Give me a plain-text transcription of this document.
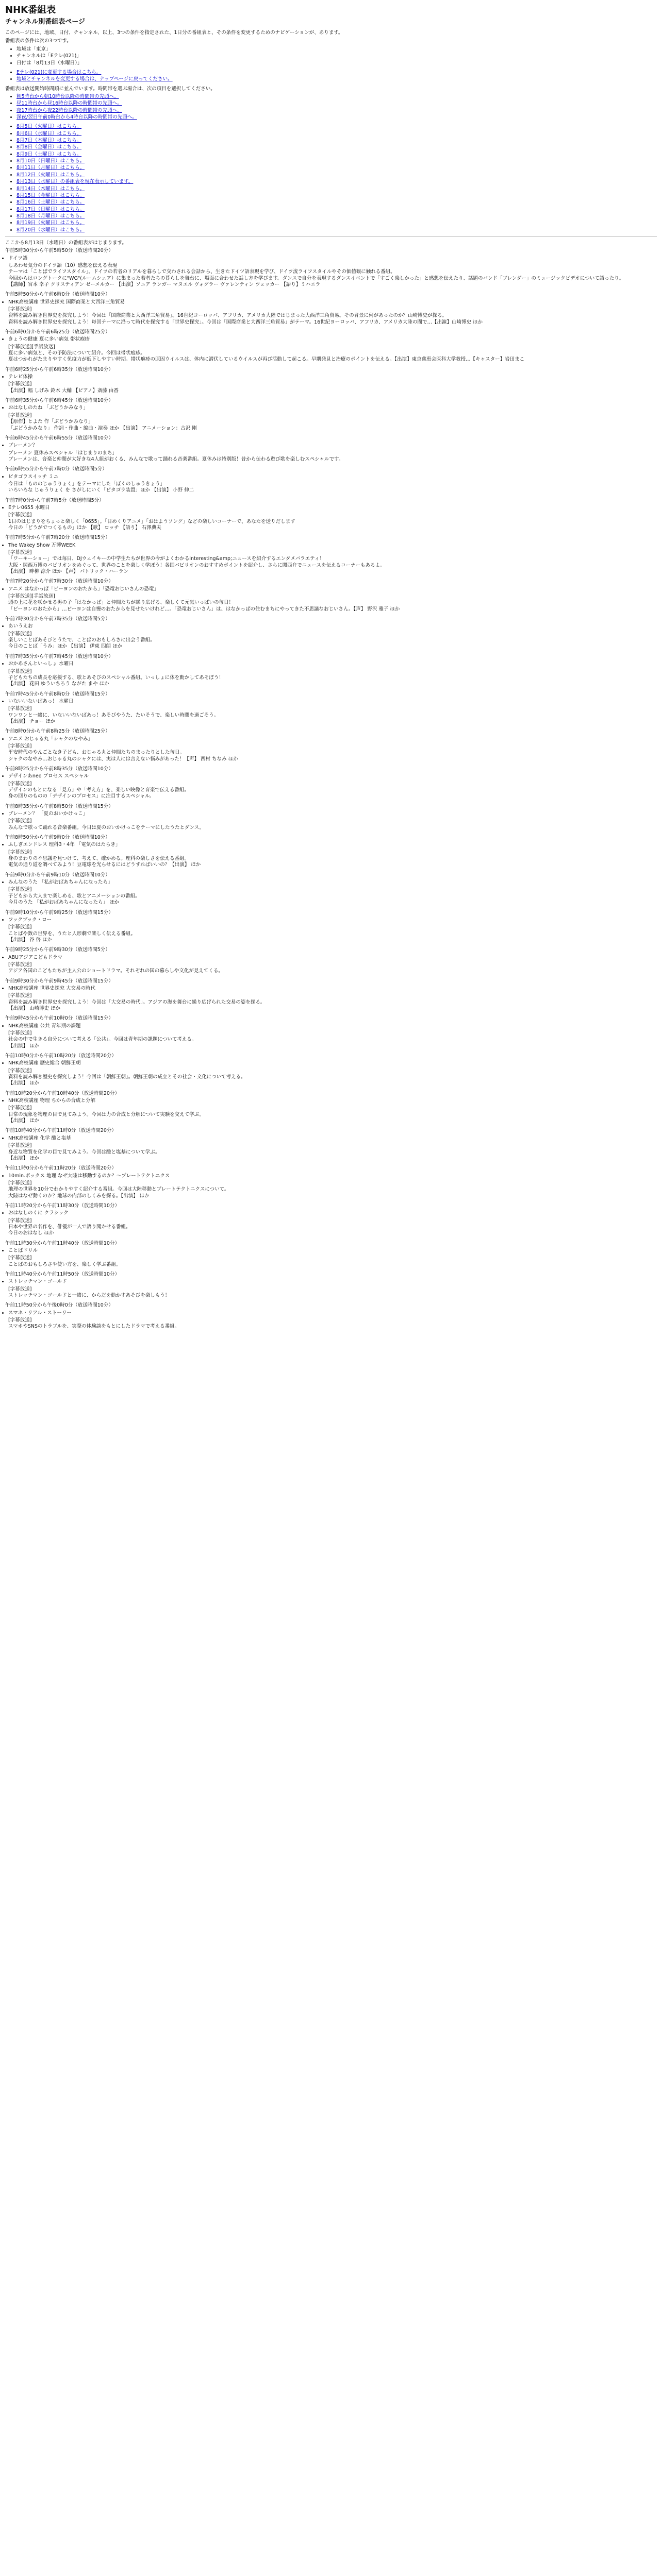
NHK番組表
チャンネル別番組表ページ

このページには、地域、日付、チャンネル、以上、3つの条件を指定された、1日分の番組表と、その条件を変更するためのナビゲーションが、あります。

番組表の条件は次の3つです。

• 地域は「東京」
• チャンネルは「Eテレ(021)」
• 日付は「8月13日（水曜日）」
• Eテレ(021)に変更する場合はこちら。
• 地域とチャンネルを変更する場合は、ナップページに戻ってください。

番組表は放送開始時間順に並んでいます。時間帯を選ぶ場合は、次の項目を選択してください。

• 朝5時台から朝10時台以降の時間帯の先頭へ。
• 昼11時台から昼16時台以降の時間帯の先頭へ。
• 夜17時台から夜22時台以降の時間帯の先頭へ。
• 深夜/翌日午前0時台から4時台以降の時間帯の先頭へ。
• 8月5日（火曜日）はこちら。
• 8月6日（水曜日）はこちら。
• 8月7日（木曜日）はこちら。
• 8月8日（金曜日）はこちら。
• 8月9日（土曜日）はこちら。
• 8月10日（日曜日）はこちら。
• 8月11日（月曜日）はこちら。
• 8月12日（火曜日）はこちら。
• 8月13日（水曜日）の番組表を現在表示しています。
• 8月14日（木曜日）はこちら。
• 8月15日（金曜日）はこちら。
• 8月16日（土曜日）はこちら。
• 8月17日（日曜日）はこちら。
• 8月18日（月曜日）はこちら。
• 8月19日（火曜日）はこちら。
• 8月20日（水曜日）はこちら。

ここから8月13日（水曜日）の番組表がはじまります。

午前5時30分から午前5時50分（放送時間20分）
• ドイツ語
しあわせ気分のドイツ語（10）感想を伝える表現
テーマは「ことばでライフスタイル」。ドイツの若者のリアルを暮らしで交わされる会話から、生きたドイツ語表現を学び、ドイツ流ライフスタイルやその価値観に触れる番組。
今回からはロングトークに"WG"(ルームシェア）に集まった若者たちの暮らしを舞台に、場面に合わせた話し方を学びます。ダンスで自分を表現するダンスイベントで「すごく楽しかった」と感想を伝えたり、話題のバンド「ブレンダー」のミュージックビデオについて語ったり。
【講師】宮本 幸子 クリスティアン ゼーメルカー 【出演】ソニア ランガー マヌエル ヴォグラー ヴァレンティン ツェッカー 【語り】ミハエラ
午前5時50分から午前6時0分（放送時間10分）
• NHK高校講座 世界史探究 国際商業と大西洋三角貿易
[字幕放送]
資料を読み解き世界史を探究しよう！今回は「国際商業と大西洋三角貿易」。16世紀ヨーロッパ、アフリカ、アメリカ大陸ではじまった大西洋三角貿易。その背景に何があったのか？山崎博史が探る。
資料を読み解き世界史を探究しよう！毎回テーマに沿って時代を探究する「世界史探究」。今回は「国際商業と大西洋三角貿易」がテーマ。16世紀ヨーロッパ、アフリカ、アメリカ大陸の間で…【出演】山崎博史 ほか
午前6時0分から午前6時25分（放送時間25分）
• きょうの健康 夏に多い病気 帯状疱疹
[字幕放送][手話放送]
夏に多い病気と、その予防法について紹介。今回は帯状疱疹。
夏はつかれがたまりやすく免疫力が低下しやすい時期。帯状疱疹の原因ウイルスは、体内に潜伏しているウイルスが再び活動して起こる。早期発見と治療のポイントを伝える。【出演】東京慈恵会医科大学教授…【キャスター】岩田まこ
午前6時25分から午前6時35分（放送時間10分）
• テレビ体操
[字幕放送]
【出演】幅 しげみ 鈴木 大輔 【ピアノ】斎藤 由香
午前6時35分から午前6時45分（放送時間10分）
• おはなしのたね 「ぶどうかみなり」
[字幕放送]
【原作】とよた 作「ぶどうかみなり」
「ぶどうかみなり」 作詞・作曲・編曲・演奏 ほか 【出演】 アニメーション：古沢 剛
午前6時45分から午前6時55分（放送時間10分）
• ブレーメン？
ブレーメン 夏休みスペシャル「はじまりのまち」
ブレーメンは、音楽と仲間が大好きな4人組がおくる、みんなで歌って踊れる音楽番組。夏休みは特別版！昔から伝わる遊び歌を楽しむスペシャルです。
午前6時55分から午前7時0分（放送時間5分）
• ピタゴラスイッチ ミニ
今日は「もののじゅうりょく」をテーマにした「ぼくのしゅうきょう」
いろいろな じゅうりょく を さがしにいく「ピタゴラ装置」ほか 【出演】 小野 伸二
午前7時0分から午前7時5分（放送時間5分）
• Eテレ0655 水曜日
[字幕放送]
1日のはじまりをちょっと楽しく「0655」。「日めくりアニメ」「おはようソング」などの楽しいコーナーで、あなたを送りだします
今日の「どうがでつくるもの」ほか 【歌】 ロッチ 【語り】 石澤典夫
午前7時5分から午前7時20分（放送時間15分）
• The Wakey Show 万博WEEK
[字幕放送]
「ワーキーショー」では毎日、DJウェイキーの中学生たちが世界の今がよくわかるinteresting&amp;ニュースを紹介するエンタメバラエティ！
大阪・関西万博のパビリオンをめぐって、世界のことを楽しく学ぼう！各国パビリオンのおすすめポイントを紹介し、さらに関西弁でニュースを伝えるコーナーもあるよ。
【出演】 畔柳 涼介 ほか 【声】 パトリック・ハーラン
午前7時20分から午前7時30分（放送時間10分）
• アニメ はなかっぱ「ビーヨンのおたから」「恐竜おじいさんの恐竜」
[字幕放送][手話放送]
頭の上に花を咲かせる男の子「はなかっぱ」と仲間たちが繰り広げる、楽しくて元気いっぱいの毎日！
「ビーヨンのおたから」…ビーヨンは自慢のおたからを見せたいけれど…。「恐竜おじいさん」は、はなかっぱの住むまちにやってきた不思議なおじいさん。【声】 野沢 雅子 ほか
午前7時30分から午前7時35分（放送時間5分）
• あいうえお
[字幕放送]
楽しいことばあそびとうたで、ことばのおもしろさに出会う番組。
今日のことば「うみ」ほか 【出演】 伊東 四朗 ほか
午前7時35分から午前7時45分（放送時間10分）
• おかあさんといっしょ 水曜日
[字幕放送]
子どもたちの成長を応援する、歌とあそびのスペシャル番組。いっしょに体を動かしてあそぼう！
【出演】 花田 ゆういちろう ながた まや ほか
午前7時45分から午前8時0分（放送時間15分）
• いないいないばあっ！ 水曜日
[字幕放送]
ワンワンと一緒に、いないいないばあっ！あそびやうた、たいそうで、楽しい時間を過ごそう。
【出演】 チョー ほか
午前8時0分から午前8時25分（放送時間25分）
• アニメ おじゃる丸「シャクのなやみ」
[字幕放送]
平安時代のやんごとなき子ども、おじゃる丸と仲間たちのまったりとした毎日。
シャクのなやみ…おじゃる丸のシャクには、実は人には言えない悩みがあった！【声】 西村 ちなみ ほか
午前8時25分から午前8時35分（放送時間10分）
• デザインあneo プロセス スペシャル
[字幕放送]
デザインのもとになる「見方」や「考え方」を、楽しい映像と音楽で伝える番組。
身の回りのものの「デザインのプロセス」に注目するスペシャル。
午前8時35分から午前8時50分（放送時間15分）
• ブレーメン？ 「夏のおいかけっこ」
[字幕放送]
みんなで歌って踊れる音楽番組。今日は夏のおいかけっこをテーマにしたうたとダンス。
午前8時50分から午前9時0分（放送時間10分）
• ふしぎエンドレス 理科3・4年 「電気のはたらき」
[字幕放送]
身のまわりの不思議を見つけて、考えて、確かめる。理科の楽しさを伝える番組。
電気の通り道を調べてみよう！豆電球を光らせるにはどうすればいいの？【出演】 ほか
午前9時0分から午前9時10分（放送時間10分）
• みんなのうた 「私がおばあちゃんになったら」
[字幕放送]
子どもから大人まで楽しめる、歌とアニメーションの番組。
今月のうた 「私がおばあちゃんになったら」 ほか
午前9時10分から午前9時25分（放送時間15分）
• フックブック・ロー
[字幕放送]
ことばや数の世界を、うたと人形劇で楽しく伝える番組。
【出演】 谷 啓 ほか
午前9時25分から午前9時30分（放送時間5分）
• ABUアジアこどもドラマ
[字幕放送]
アジア各国のこどもたちが主人公のショートドラマ。それぞれの国の暮らしや文化が見えてくる。
午前9時30分から午前9時45分（放送時間15分）
• NHK高校講座 世界史探究 大交易の時代
[字幕放送]
資料を読み解き世界史を探究しよう！今回は「大交易の時代」。アジアの海を舞台に繰り広げられた交易の姿を探る。
【出演】 山崎博史 ほか
午前9時45分から午前10時0分（放送時間15分）
• NHK高校講座 公共 青年期の課題
[字幕放送]
社会の中で生きる自分について考える「公共」。今回は青年期の課題について考える。
【出演】 ほか
午前10時0分から午前10時20分（放送時間20分）
• NHK高校講座 歴史総合 朝鮮王朝
[字幕放送]
資料を読み解き歴史を探究しよう！今回は「朝鮮王朝」。朝鮮王朝の成立とその社会・文化について考える。
【出演】 ほか
午前10時20分から午前10時40分（放送時間20分）
• NHK高校講座 物理 ちからの合成と分解
[字幕放送]
日常の現象を物理の目で見てみよう。今回は力の合成と分解について実験を交えて学ぶ。
【出演】 ほか
午前10時40分から午前11時0分（放送時間20分）
• NHK高校講座 化学 酸と塩基
[字幕放送]
身近な物質を化学の目で見てみよう。今回は酸と塩基について学ぶ。
【出演】 ほか
午前11時0分から午前11時20分（放送時間20分）
• 10min.ボックス 地理 なぜ大陸は移動するのか？～プレートテクトニクス
[字幕放送]
地理の世界を10分でわかりやすく紹介する番組。今回は大陸移動とプレートテクトニクスについて。
大陸はなぜ動くのか？地球の内部のしくみを探る。【出演】 ほか
午前11時20分から午前11時30分（放送時間10分）
• おはなしのくに クラシック
[字幕放送]
日本や世界の名作を、俳優が一人で語り聞かせる番組。
今日のおはなし ほか
午前11時30分から午前11時40分（放送時間10分）
• ことばドリル
[字幕放送]
ことばのおもしろさや使い方を、楽しく学ぶ番組。
午前11時40分から午前11時50分（放送時間10分）
• ストレッチマン・ゴールド
[字幕放送]
ストレッチマン・ゴールドと一緒に、からだを動かすあそびを楽しもう！
午前11時50分から午後0時0分（放送時間10分）
• スマホ・リアル・ストーリー
[字幕放送]
スマホやSNSのトラブルを、実際の体験談をもとにしたドラマで考える番組。
